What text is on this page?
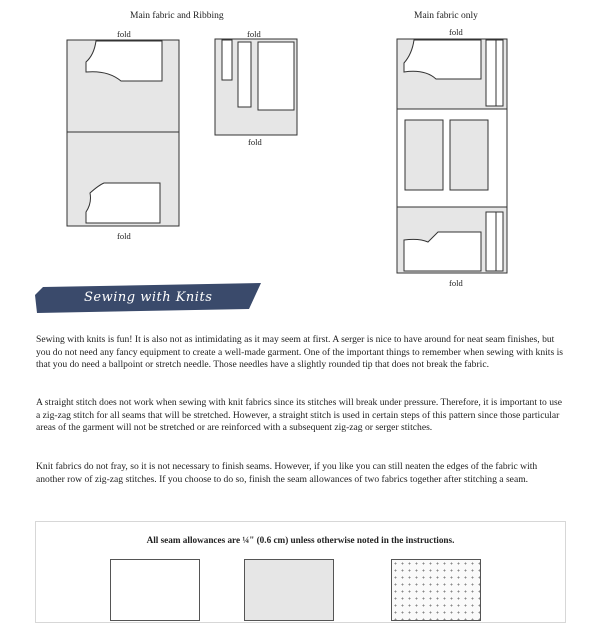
Main fabric and Ribbing	Main fabric only
fold	fold	fold
fold
fold
fold
Sewing with Knits

Sewing with knits is fun! It is also not as intimidating as it may seem at first. A serger is nice to have around for neat seam finishes, but you do not need any fancy equipment to create a well-made garment. One of the important things to remember when sewing with knits is that you do need a ballpoint or stretch needle. Those needles have a slightly rounded tip that does not break the fabric.

A straight stitch does not work when sewing with knit fabrics since its stitches will break under pressure. Therefore, it is important to use a zig-zag stitch for all seams that will be stretched. However, a straight stitch is used in certain steps of this pattern since those particular areas of the garment will not be stretched or are reinforced with a subsequent zig-zag or serger stitches.

Knit fabrics do not fray, so it is not necessary to finish seams. However, if you like you can still neaten the edges of the fabric with another row of zig-zag stitches. If you choose to do so, finish the seam allowances of two fabrics together after stitching a seam.

All seam allowances are ¼" (0.6 cm) unless otherwise noted in the instructions.
